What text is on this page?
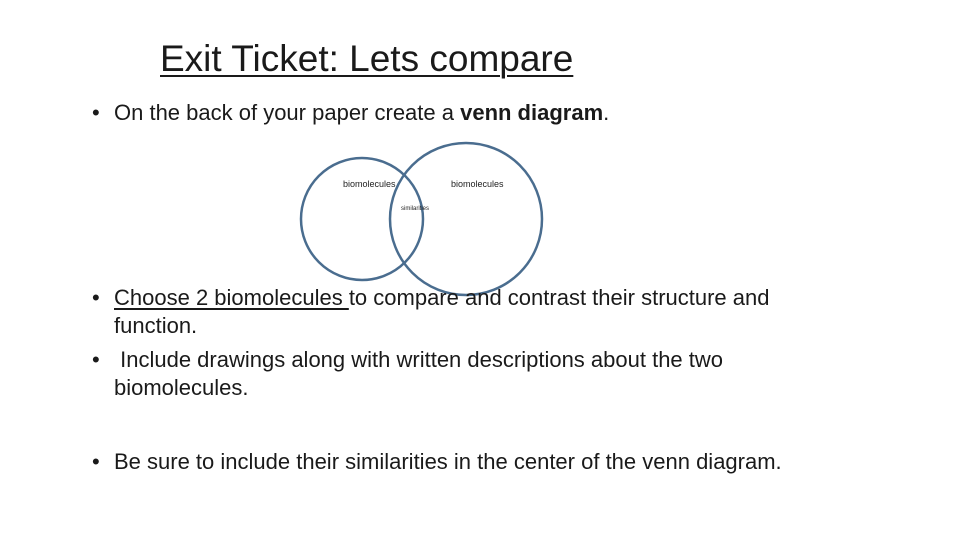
Exit Ticket: Lets compare
• On the back of your paper create a venn diagram.
biomolecules	biomolecules
similarities
• Choose 2 biomolecules to compare and contrast their structure and function.
• Include drawings along with written descriptions about the two biomolecules.
• Be sure to include their similarities in the center of the venn diagram.
